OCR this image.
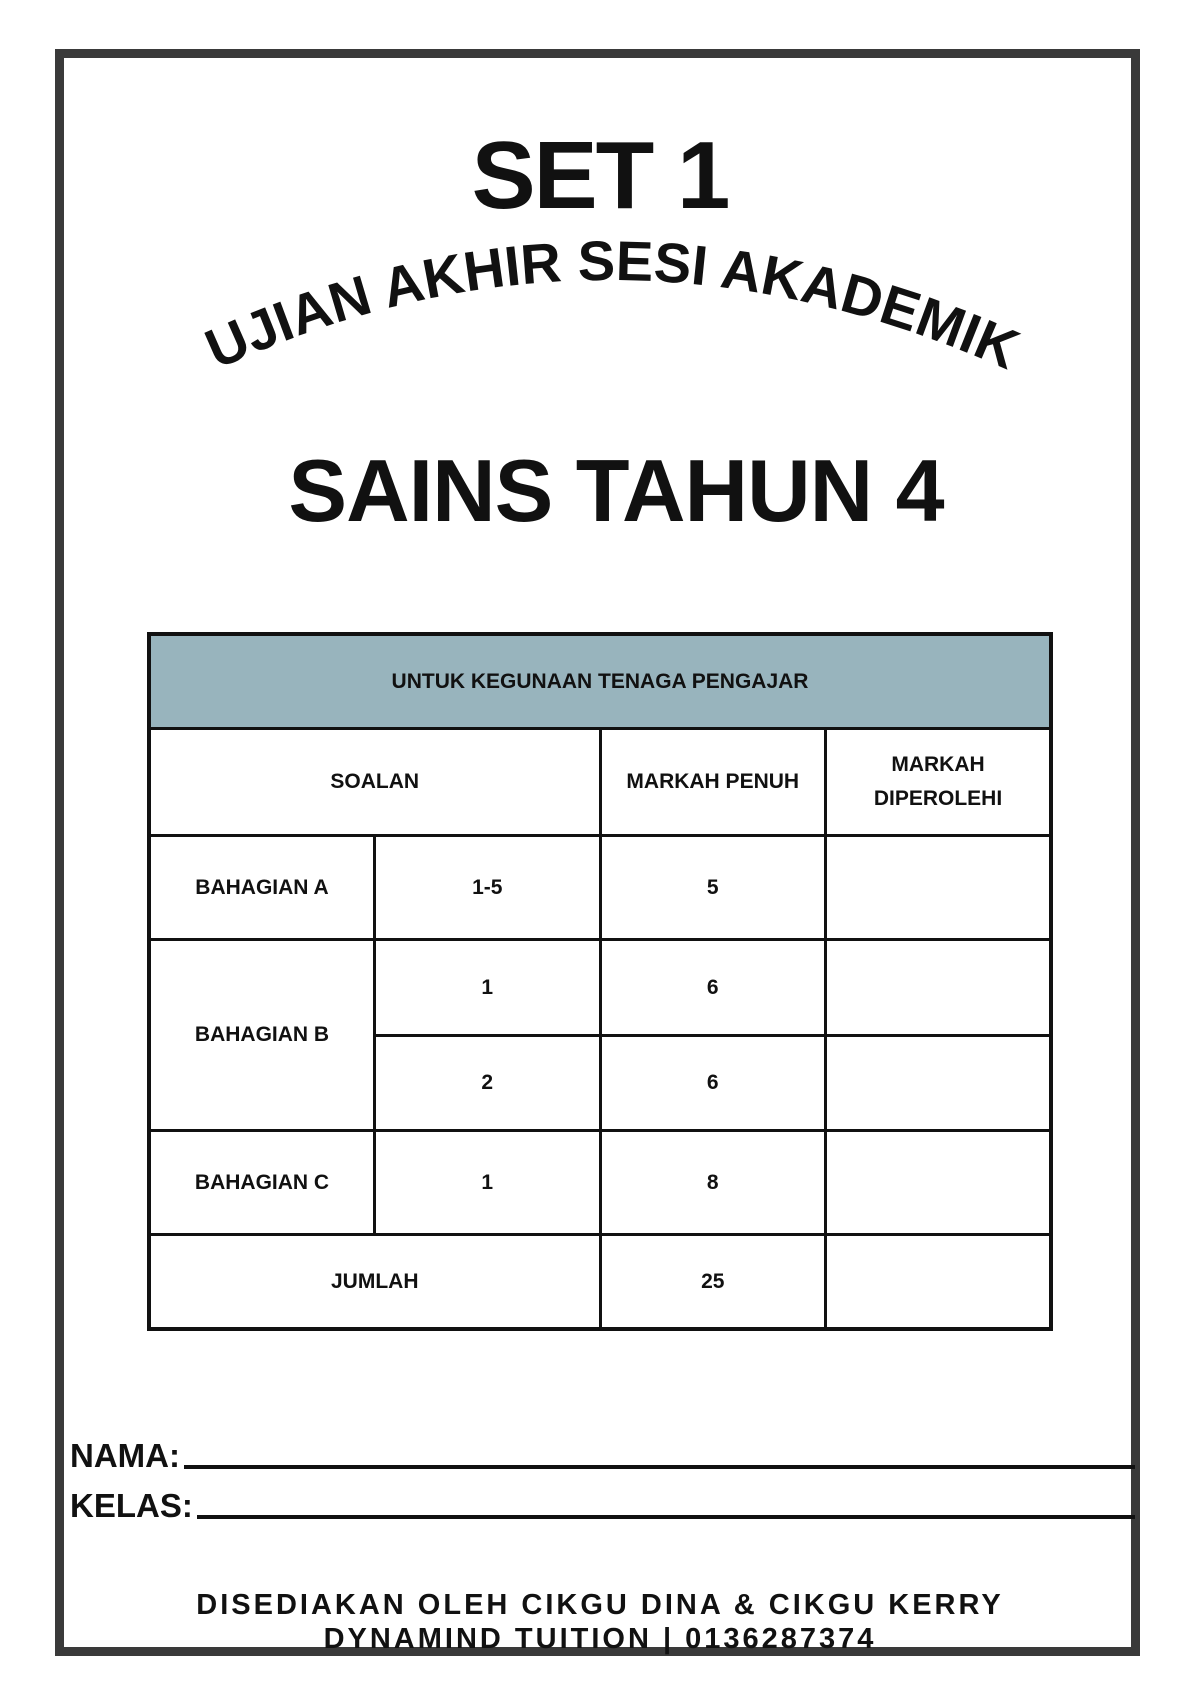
SET 1
UJIAN AKHIR SESI AKADEMIK
SAINS TAHUN 4
UNTUK KEGUNAAN TENAGA PENGAJAR			
SOALAN		MARKAH PENUH	MARKAH DIPEROLEHI
BAHAGIAN A	1-5	5	
BAHAGIAN B	1	6	
	2	6	
BAHAGIAN C	1	8	
JUMLAH		25	
NAMA:
KELAS:
DISEDIAKAN OLEH CIKGU DINA & CIKGU KERRY
DYNAMIND TUITION | 0136287374
